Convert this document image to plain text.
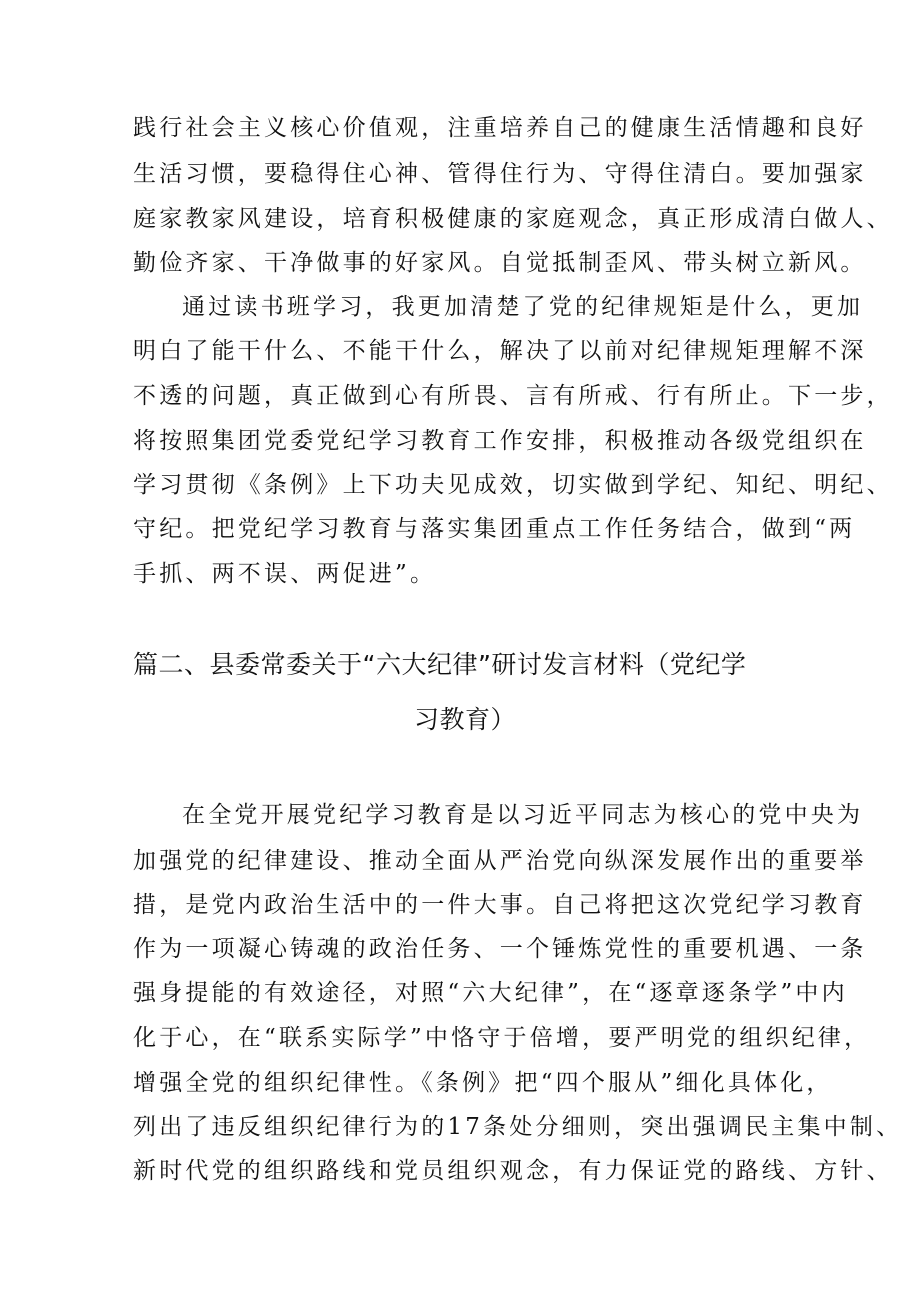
践行社会主义核心价值观，注重培养自己的健康生活情趣和良好
生活习惯，要稳得住心神、管得住行为、守得住清白。要加强家
庭家教家风建设，培育积极健康的家庭观念，真正形成清白做人、
勤俭齐家、干净做事的好家风。自觉抵制歪风、带头树立新风。
通过读书班学习，我更加清楚了党的纪律规矩是什么，更加
明白了能干什么、不能干什么，解决了以前对纪律规矩理解不深
不透的问题，真正做到心有所畏、言有所戒、行有所止。下一步，
将按照集团党委党纪学习教育工作安排，积极推动各级党组织在
学习贯彻《条例》上下功夫见成效，切实做到学纪、知纪、明纪、
守纪。把党纪学习教育与落实集团重点工作任务结合，做到“两
手抓、两不误、两促进”。
篇二、县委常委关于“六大纪律”研讨发言材料（党纪学
习教育）
在全党开展党纪学习教育是以习近平同志为核心的党中央为
加强党的纪律建设、推动全面从严治党向纵深发展作出的重要举
措，是党内政治生活中的一件大事。自己将把这次党纪学习教育
作为一项凝心铸魂的政治任务、一个锤炼党性的重要机遇、一条
强身提能的有效途径，对照“六大纪律”，在“逐章逐条学”中内
化于心，在“联系实际学”中恪守于倍增，要严明党的组织纪律，
增强全党的组织纪律性。《条例》把“四个服从”细化具体化，
列出了违反组织纪律行为的17条处分细则，突出强调民主集中制、
新时代党的组织路线和党员组织观念，有力保证党的路线、方针、
